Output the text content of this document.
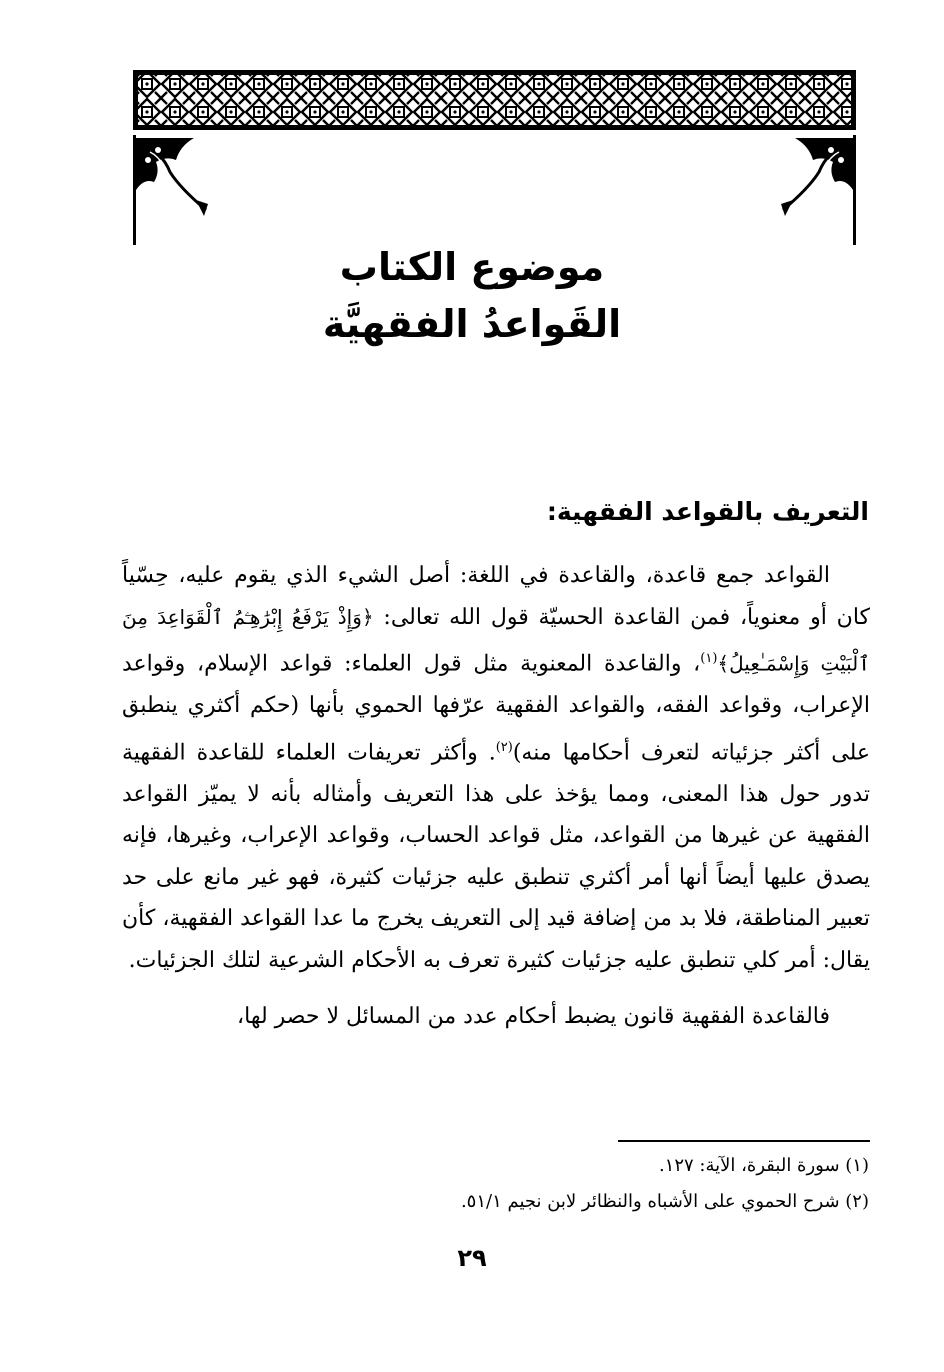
موضوع الكتاب
القَواعدُ الفقهيَّة
التعريف بالقواعد الفقهية:

القواعد جمع قاعدة، والقاعدة في اللغة: أصل الشيء الذي يقوم عليه، حِسّياً كان أو معنوياً، فمن القاعدة الحسيّة قول الله تعالى: ﴿وَإِذْ يَرْفَعُ إِبْرَٰهِـۧمُ ٱلْقَوَاعِدَ مِنَ ٱلْبَيْتِ وَإِسْمَـٰعِيلُ﴾$^{(١)}$، والقاعدة المعنوية مثل قول العلماء: قواعد الإسلام، وقواعد الإعراب، وقواعد الفقه، والقواعد الفقهية عرّفها الحموي بأنها (حكم أكثري ينطبق على أكثر جزئياته لتعرف أحكامها منه)$^{(٢)}$. وأكثر تعريفات العلماء للقاعدة الفقهية تدور حول هذا المعنى، ومما يؤخذ على هذا التعريف وأمثاله بأنه لا يميّز القواعد الفقهية عن غيرها من القواعد، مثل قواعد الحساب، وقواعد الإعراب، وغيرها، فإنه يصدق عليها أيضاً أنها أمر أكثري تنطبق عليه جزئيات كثيرة، فهو غير مانع على حد تعبير المناطقة، فلا بد من إضافة قيد إلى التعريف يخرج ما عدا القواعد الفقهية، كأن يقال: أمر كلي تنطبق عليه جزئيات كثيرة تعرف به الأحكام الشرعية لتلك الجزئيات.

فالقاعدة الفقهية قانون يضبط أحكام عدد من المسائل لا حصر لها،

(١) سورة البقرة، الآية: ١٢٧.
(٢) شرح الحموي على الأشباه والنظائر لابن نجيم ٥١/١.
٢٩
